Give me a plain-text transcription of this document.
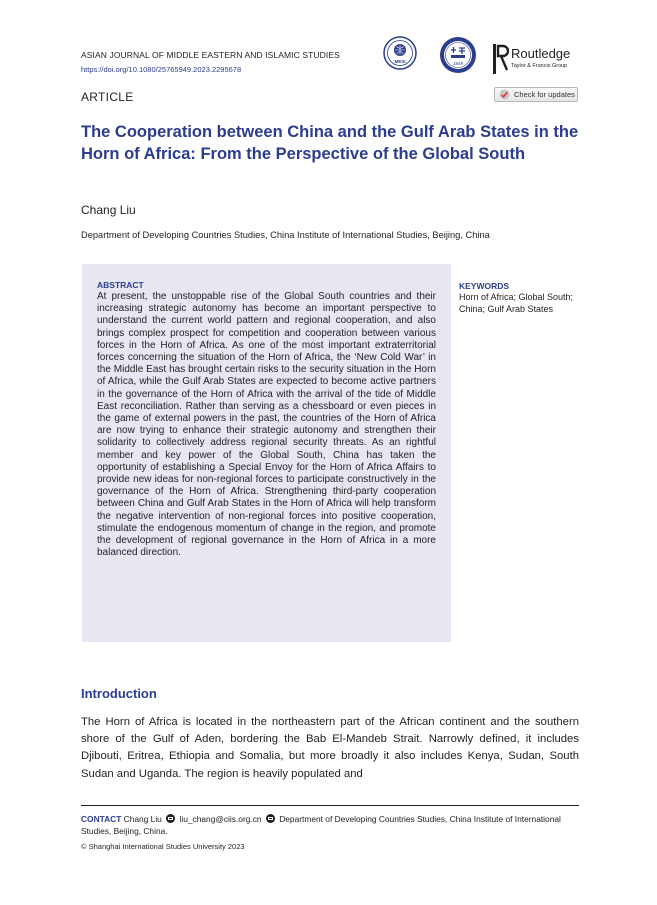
ASIAN JOURNAL OF MIDDLE EASTERN AND ISLAMIC STUDIES
https://doi.org/10.1080/25765949.2023.2295678
MESI	1949
Routledge
Taylor & Francis Group
ARTICLE	Check for updates
The Cooperation between China and the Gulf Arab States in the Horn of Africa: From the Perspective of the Global South
Chang Liu
Department of Developing Countries Studies, China Institute of International Studies, Beijing, China
ABSTRACT

At present, the unstoppable rise of the Global South countries and their increasing strategic autonomy has become an important perspective to understand the current world pattern and regional cooperation, and also brings complex prospect for competition and cooperation between various forces in the Horn of Africa. As one of the most important extraterritorial forces concerning the situation of the Horn of Africa, the ‘New Cold War’ in the Middle East has brought certain risks to the security situation in the Horn of Africa, while the Gulf Arab States are expected to become active partners in the governance of the Horn of Africa with the arrival of the tide of Middle East reconciliation. Rather than serving as a chessboard or even pieces in the game of external powers in the past, the countries of the Horn of Africa are now trying to enhance their strategic autonomy and strengthen their solidarity to collectively address regional security threats. As an rightful member and key power of the Global South, China has taken the opportunity of establishing a Special Envoy for the Horn of Africa Affairs to provide new ideas for non-regional forces to participate constructively in the governance of the Horn of Africa. Strengthening third-party cooperation between China and Gulf Arab States in the Horn of Africa will help transform the negative intervention of non-regional forces into positive cooperation, stimulate the endogenous momentum of change in the region, and promote the development of regional governance in the Horn of Africa in a more balanced direction.

KEYWORDS
Horn of Africa; Global South; China; Gulf Arab States
Introduction

The Horn of Africa is located in the northeastern part of the African continent and the southern shore of the Gulf of Aden, bordering the Bab El-Mandeb Strait. Narrowly defined, it includes Djibouti, Eritrea, Ethiopia and Somalia, but more broadly it also includes Kenya, Sudan, South Sudan and Uganda. The region is heavily populated and

CONTACT Chang Liu liu_chang@ciis.org.cn Department of Developing Countries Studies, China Institute of International Studies, Beijing, China.
© Shanghai International Studies University 2023
